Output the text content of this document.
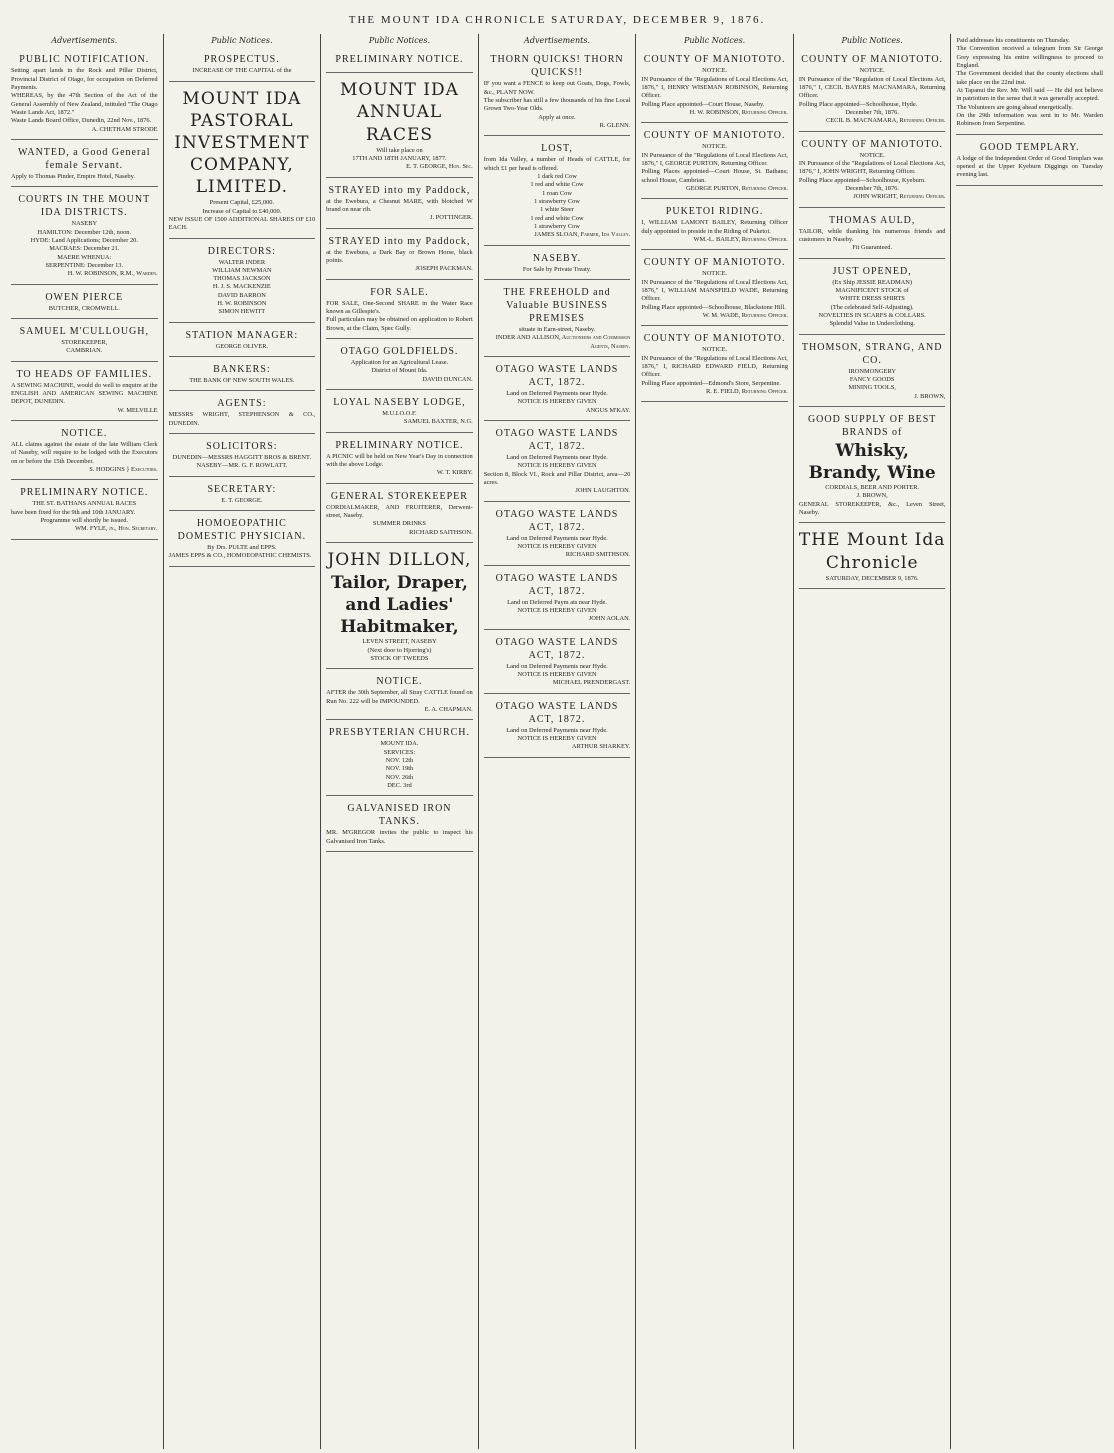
THE MOUNT IDA CHRONICLE SATURDAY, DECEMBER 9, 1876.
Advertisements.
PUBLIC NOTIFICATION.

Setting apart lands in the Rock and Pillar District, Provincial District of Otago, for occupation on Deferred Payments.

WHEREAS, by the 47th Section of the Act of the General Assembly of New Zealand, intituled "The Otago Waste Lands Act, 1872."

Waste Lands Board Office, Dunedin, 22nd Nov., 1876.

A. CHETHAM STRODE

WANTED, a Good General female Servant.

Apply to Thomas Pinder, Empire Hotel, Naseby.

COURTS IN THE MOUNT IDA DISTRICTS.

NASEBY

HAMILTON: December 12th, noon.

HYDE: Land Applications; December 20.

MACRAES: December 21.

MAERE WHENUA:

SERPENTINE: December 13.

H. W. ROBINSON, R.M., Warden.

OWEN PIERCE

BUTCHER, CROMWELL.

SAMUEL M'CULLOUGH,

STOREKEEPER,

CAMBRIAN.

TO HEADS OF FAMILIES.

A SEWING MACHINE, would do well to enquire at the ENGLISH AND AMERICAN SEWING MACHINE DEPOT, DUNEDIN.

W. MELVILLE

NOTICE.

ALL claims against the estate of the late William Clerk of Naseby, will require to be lodged with the Executors on or before the 15th December.

S. HODGINS } Executors.

PRELIMINARY NOTICE.

THE ST. BATHANS ANNUAL RACES

have been fixed for the 9th and 10th JANUARY.

Programme will shortly be issued.

WM. FYLE, jn., Hon. Secretary.

Public Notices.
PROSPECTUS.

INCREASE OF THE CAPITAL of the

MOUNT IDA PASTORAL INVESTMENT COMPANY, LIMITED.

Present Capital, £25,000.

Increase of Capital to £40,000.

NEW ISSUE OF 1500 ADDITIONAL SHARES OF £10 EACH.

DIRECTORS:

WALTER INDER

WILLIAM NEWMAN

THOMAS JACKSON

H. J. S. MACKENZIE

DAVID BARRON

H. W. ROBINSON

SIMON HEWITT

STATION MANAGER:

GEORGE OLIVER.

BANKERS:

THE BANK OF NEW SOUTH WALES.

AGENTS:

MESSRS WRIGHT, STEPHENSON & CO., DUNEDIN.

SOLICITORS:

DUNEDIN—MESSRS HAGGITT BROS & BRENT.

NASEBY—MR. G. F. ROWLATT.

SECRETARY:

E. T. GEORGE.

HOMOEOPATHIC DOMESTIC PHYSICIAN.

By Drs. PULTE and EPPS.

JAMES EPPS & CO., HOMOEOPATHIC CHEMISTS.

Public Notices.
PRELIMINARY NOTICE.
MOUNT IDA ANNUAL RACES

Will take place on

17TH AND 18TH JANUARY, 1877.

E. T. GEORGE, Hon. Sec.

STRAYED into my Paddock,

at the Ewebura, a Chesnut MARE, with blotched W brand on near rib.

J. POTTINGER.

STRAYED into my Paddock,

at the Ewebura, a Dark Bay or Brown Horse, black points.

JOSEPH PACKMAN.

FOR SALE.

FOR SALE, One-Second SHARE in the Water Race known as Gillespie's.

Full particulars may be obtained on application to Robert Brown, at the Claim, Spec Gully.

OTAGO GOLDFIELDS.

Application for an Agricultural Lease.

District of Mount Ida.

DAVID DUNCAN.

LOYAL NASEBY LODGE,

M.U.I.O.O.F.

SAMUEL BAXTER, N.G.

PRELIMINARY NOTICE.

A PICNIC will be held on New Year's Day in connection with the above Lodge.

W. T. KIRBY.

GENERAL STOREKEEPER

CORDIALMAKER, AND FRUITERER, Derwent-street, Naseby.

SUMMER DRINKS

RICHARD SAITHSON.

JOHN DILLON,

Tailor, Draper, and Ladies' Habitmaker,

LEVEN STREET, NASEBY

(Next door to Hjorring's)

STOCK OF TWEEDS

NOTICE.

AFTER the 30th September, all Stray CATTLE found on Run No. 222 will be IMPOUNDED.

E. A. CHAPMAN.

PRESBYTERIAN CHURCH.

MOUNT IDA.

SERVICES:

NOV. 12th

NOV. 19th

NOV. 26th

DEC. 3rd

GALVANISED IRON TANKS.

MR. M'GREGOR invites the public to inspect his Galvanised Iron Tanks.

Advertisements.
THORN QUICKS! THORN QUICKS!!

IF you want a FENCE to keep out Goats, Dogs, Fowls, &c., PLANT NOW.

The subscriber has still a few thousands of his fine Local Grown Two-Year Olds.

Apply at once.

R. GLENN.

LOST,

from Ida Valley, a number of Heads of CATTLE, for which £1 per head is offered.

1 dark red Cow

1 red and white Cow

1 roan Cow

1 strawberry Cow

1 white Steer

1 red and white Cow

1 strawberry Cow

JAMES SLOAN, Farmer, Ida Valley.

NASEBY.

For Sale by Private Treaty.

THE FREEHOLD and Valuable BUSINESS PREMISES

situate in Earn-street, Naseby.

INDER AND ALLISON, Auctioneers and Commission Agents, Naseby.

OTAGO WASTE LANDS ACT, 1872.

Land on Deferred Payments near Hyde.

NOTICE IS HEREBY GIVEN

ANGUS M'KAY.

OTAGO WASTE LANDS ACT, 1872.

Land on Deferred Payments near Hyde.

NOTICE IS HEREBY GIVEN

Section 8, Block VI., Rock and Pillar District, area—20 acres.

JOHN LAUGHTON.

OTAGO WASTE LANDS ACT, 1872.

Land on Deferred Payments near Hyde.

NOTICE IS HEREBY GIVEN

RICHARD SMITHSON.

OTAGO WASTE LANDS ACT, 1872.

Land on Deferred Paym ats near Hyde.

NOTICE IS HEREBY GIVEN

JOHN AOLAN.

OTAGO WASTE LANDS ACT, 1872.

Land on Deferred Payments near Hyde.

NOTICE IS HEREBY GIVEN

MICHAEL PRENDERGAST.

OTAGO WASTE LANDS ACT, 1872.

Land on Deferred Payments near Hyde.

NOTICE IS HEREBY GIVEN

ARTHUR SHARKEY.

Public Notices.
COUNTY OF MANIOTOTO.

NOTICE.

IN Pursuance of the "Regulations of Local Elections Act, 1876," I, HENRY WISEMAN ROBINSON, Returning Officer.

Polling Place appointed—Court House, Naseby.

H. W. ROBINSON, Returning Officer.

COUNTY OF MANIOTOTO.

NOTICE.

IN Pursuance of the "Regulations of Local Elections Act, 1876," I, GEORGE PURTON, Returning Officer.

Polling Places appointed—Court House, St. Bathans; school House, Cambrian.

GEORGE PURTON, Returning Officer.

PUKETOI RIDING.

I, WILLIAM LAMONT BAILEY, Returning Officer duly appointed to preside in the Riding of Puketoi.

WM.-L. BAILEY, Returning Officer.

COUNTY OF MANIOTOTO.

NOTICE.

IN Pursuance of the "Regulations of Local Elections Act, 1876," I, WILLIAM MANSFIELD WADE, Returning Officer.

Polling Place appointed—Schoolhouse, Blackstone Hill.

W. M. WADE, Returning Officer.

COUNTY OF MANIOTOTO.

NOTICE.

IN Pursuance of the "Regulations of Local Elections Act, 1876," I, RICHARD EDWARD FIELD, Returning Officer.

Polling Place appointed—Edmond's Store, Serpentine.

R. E. FIELD, Returning Officer.

Public Notices.
COUNTY OF MANIOTOTO.

NOTICE.

IN Pursuance of the "Regulation of Local Elections Act, 1876," I, CECIL BAYERS MACNAMARA, Returning Officer.

Polling Place appointed—Schoolhouse, Hyde.

December 7th, 1876.

CECIL B. MACNAMARA, Returning Officer.

COUNTY OF MANIOTOTO.

NOTICE.

IN Pursuance of the "Regulations of Local Elections Act, 1876," I, JOHN WRIGHT, Returning Officer.

Polling Place appointed—Schoolhouse, Kyeburn.

December 7th, 1876.

JOHN WRIGHT, Returning Officer.

THOMAS AULD,

TAILOR, while thanking his numerous friends and customers in Naseby.

Fit Guaranteed.

JUST OPENED,

(Ex Ship JESSIE READMAN)

MAGNIFICENT STOCK of

WHITE DRESS SHIRTS

(The celebrated Self-Adjusting).

NOVELTIES IN SCARFS & COLLARS.

Splendid Value in Underclothing.

THOMSON, STRANG, AND CO.

IRONMONGERY

FANCY GOODS

MINING TOOLS,

J. BROWN,

GOOD SUPPLY OF BEST BRANDS of

Whisky, Brandy, Wine

CORDIALS, BEER AND PORTER.

J. BROWN,

GENERAL STOREKEEPER, &c., Leven Street, Naseby.

THE Mount Ida Chronicle

SATURDAY, DECEMBER 9, 1876.

Paid addresses his constituents on Thursday.

The Convention received a telegram from Sir George Grey expressing his entire willingness to proceed to England.

The Government decided that the county elections shall take place on the 22nd inst.

At Tapanui the Rev. Mr. Will said — He did not believe in patriotism in the sense that it was generally accepted.

The Volunteers are going ahead energetically.

On the 29th information was sent in to Mr. Warden Robinson from Serpentine.

GOOD TEMPLARY.

A lodge of the Independent Order of Good Templars was opened at the Upper Kyeburn Diggings on Tuesday evening last.
